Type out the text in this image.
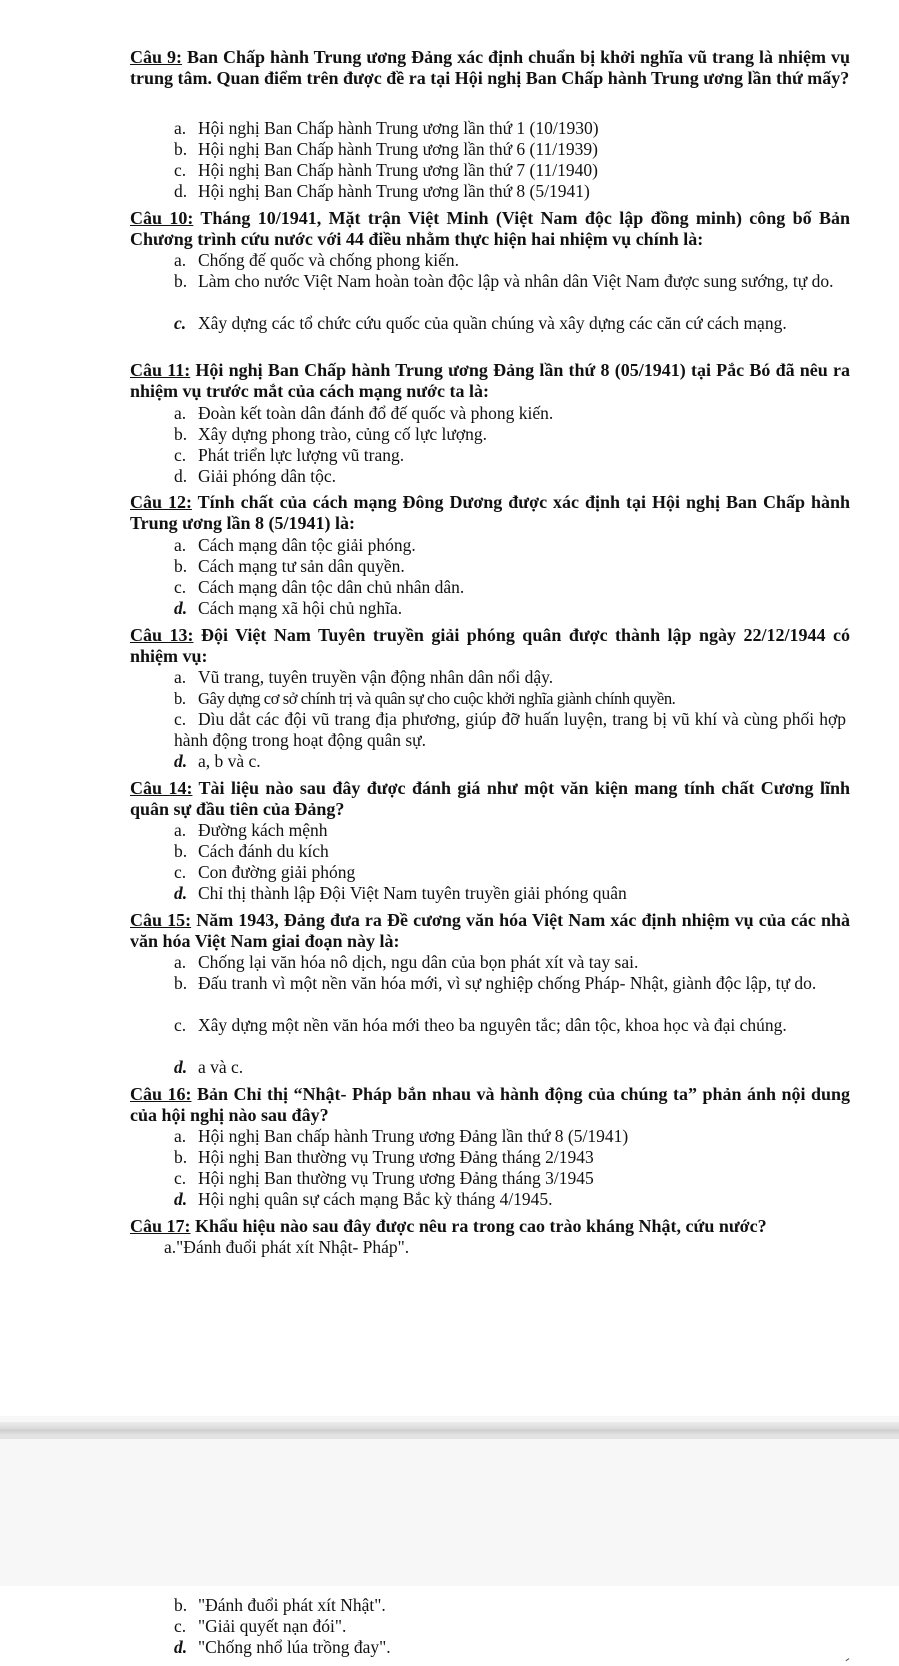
Câu 9: Ban Chấp hành Trung ương Đảng xác định chuẩn bị khởi nghĩa vũ trang là nhiệm vụ trung tâm. Quan điểm trên được đề ra tại Hội nghị Ban Chấp hành Trung ương lần thứ mấy?
a. Hội nghị Ban Chấp hành Trung ương lần thứ 1 (10/1930)
b. Hội nghị Ban Chấp hành Trung ương lần thứ 6 (11/1939)
c. Hội nghị Ban Chấp hành Trung ương lần thứ 7 (11/1940)
d. Hội nghị Ban Chấp hành Trung ương lần thứ 8 (5/1941)
Câu 10: Tháng 10/1941, Mặt trận Việt Minh (Việt Nam độc lập đồng minh) công bố Bản Chương trình cứu nước với 44 điều nhằm thực hiện hai nhiệm vụ chính là:
a. Chống đế quốc và chống phong kiến.
b. Làm cho nước Việt Nam hoàn toàn độc lập và nhân dân Việt Nam được sung sướng, tự do.
c. Xây dựng các tổ chức cứu quốc của quần chúng và xây dựng các căn cứ cách mạng.
Câu 11: Hội nghị Ban Chấp hành Trung ương Đảng lần thứ 8 (05/1941) tại Pắc Bó đã nêu ra nhiệm vụ trước mắt của cách mạng nước ta là:
a. Đoàn kết toàn dân đánh đổ đế quốc và phong kiến.
b. Xây dựng phong trào, củng cố lực lượng.
c. Phát triển lực lượng vũ trang.
d. Giải phóng dân tộc.
Câu 12: Tính chất của cách mạng Đông Dương được xác định tại Hội nghị Ban Chấp hành Trung ương lần 8 (5/1941) là:
a. Cách mạng dân tộc giải phóng.
b. Cách mạng tư sản dân quyền.
c. Cách mạng dân tộc dân chủ nhân dân.
d. Cách mạng xã hội chủ nghĩa.
Câu 13: Đội Việt Nam Tuyên truyền giải phóng quân được thành lập ngày 22/12/1944 có nhiệm vụ:
a. Vũ trang, tuyên truyền vận động nhân dân nổi dậy.
b. Gây dựng cơ sở chính trị và quân sự cho cuộc khởi nghĩa giành chính quyền.
c. Dìu dắt các đội vũ trang địa phương, giúp đỡ huấn luyện, trang bị vũ khí và cùng phối hợp hành động trong hoạt động quân sự.
d. a, b và c.
Câu 14: Tài liệu nào sau đây được đánh giá như một văn kiện mang tính chất Cương lĩnh quân sự đầu tiên của Đảng?
a. Đường kách mệnh
b. Cách đánh du kích
c. Con đường giải phóng
d. Chỉ thị thành lập Đội Việt Nam tuyên truyền giải phóng quân
Câu 15: Năm 1943, Đảng đưa ra Đề cương văn hóa Việt Nam xác định nhiệm vụ của các nhà văn hóa Việt Nam giai đoạn này là:
a. Chống lại văn hóa nô dịch, ngu dân của bọn phát xít và tay sai.
b. Đấu tranh vì một nền văn hóa mới, vì sự nghiệp chống Pháp- Nhật, giành độc lập, tự do.
c. Xây dựng một nền văn hóa mới theo ba nguyên tắc; dân tộc, khoa học và đại chúng.
d. a và c.
Câu 16: Bản Chỉ thị “Nhật- Pháp bắn nhau và hành động của chúng ta” phản ánh nội dung của hội nghị nào sau đây?
a. Hội nghị Ban chấp hành Trung ương Đảng lần thứ 8 (5/1941)
b. Hội nghị Ban thường vụ Trung ương Đảng tháng 2/1943
c. Hội nghị Ban thường vụ Trung ương Đảng tháng 3/1945
d. Hội nghị quân sự cách mạng Bắc kỳ tháng 4/1945.
Câu 17: Khẩu hiệu nào sau đây được nêu ra trong cao trào kháng Nhật, cứu nước?
a."Đánh đuổi phát xít Nhật- Pháp".
b. "Đánh đuổi phát xít Nhật".
c. "Giải quyết nạn đói".
d. "Chống nhổ lúa trồng đay".
